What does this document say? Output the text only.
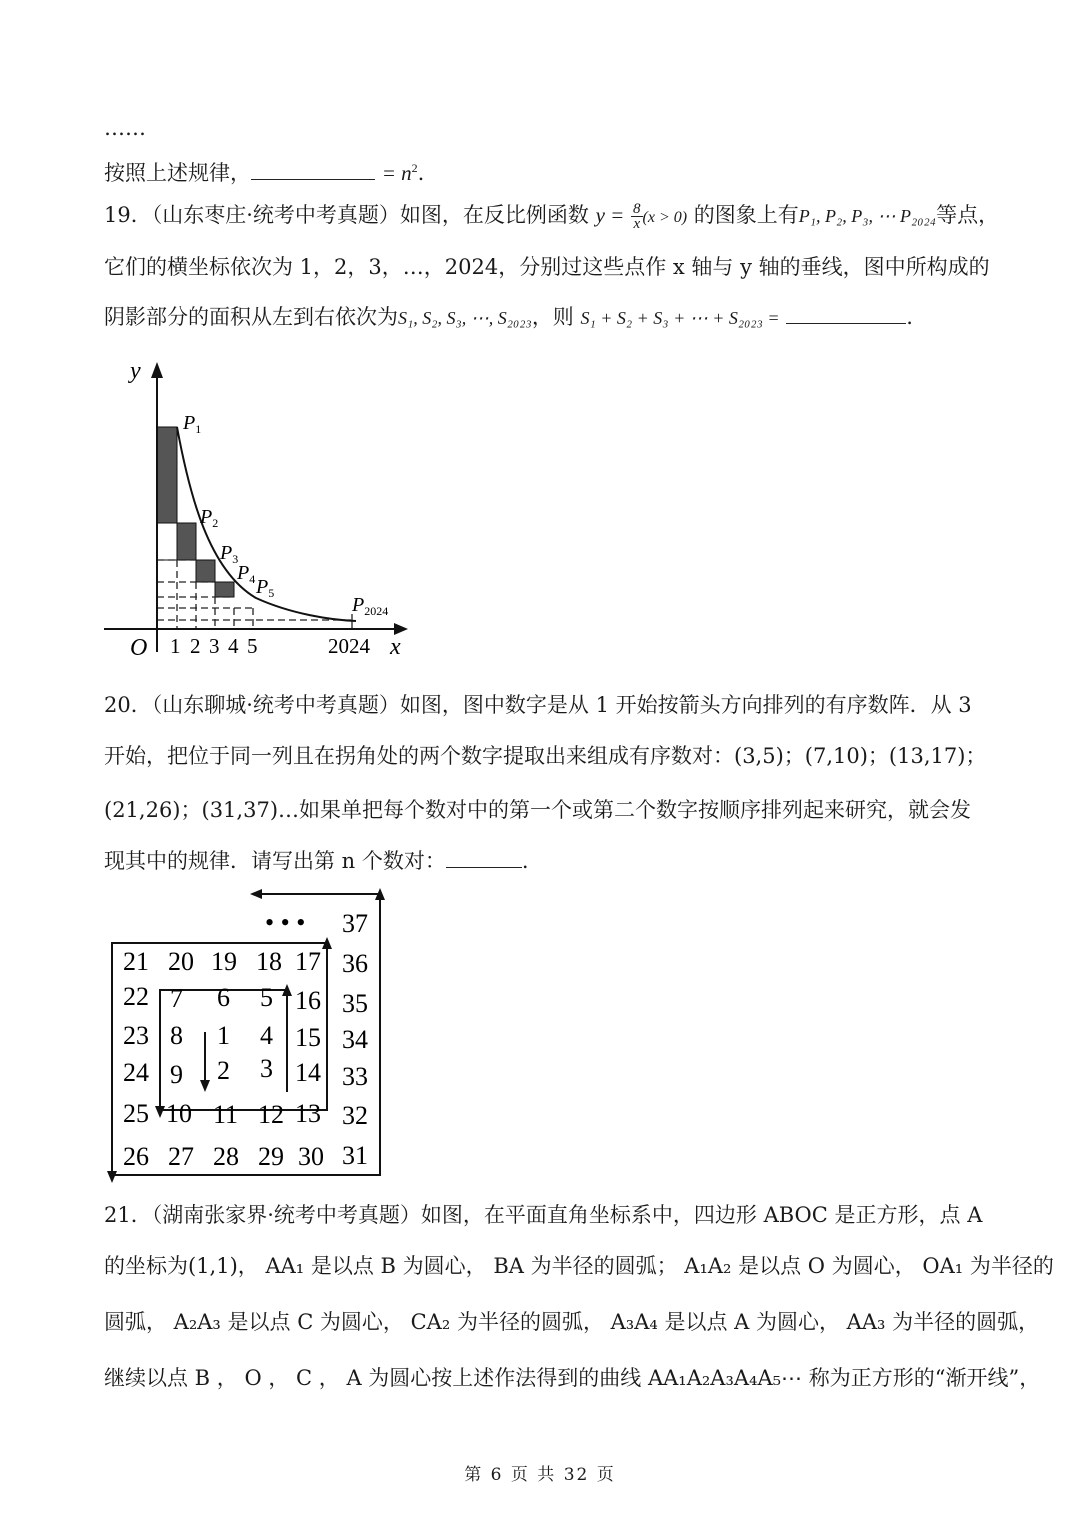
……
按照上述规律，	= $n^2$.
19．（山东枣庄·统考中考真题）如图，在反比例函数 $y = \frac{8}{x} (x > 0)$ 的图象上有P₁, P₂, P₃, ⋯ P₂₀₂₄等点，
它们的横坐标依次为 1，2，3，…，2024，分别过这些点作 x 轴与 y 轴的垂线，图中所构成的
阴影部分的面积从左到右依次为S₁, S₂, S₃, ⋯, S₂₀₂₃，则 S₁ + S₂ + S₃ + ⋯ + S₂₀₂₃ =	.
y
x
O 1 2 3 4 5	2024
$P_1$
$P_2$
$P_3$
$P_4$ $P_5$
$P_{2024}$
20．（山东聊城·统考中考真题）如图，图中数字是从 1 开始按箭头方向排列的有序数阵．从 3
开始，把位于同一列且在拐角处的两个数字提取出来组成有序数对：(3,5)；(7,10)；(13,17)；
(21,26)；(31,37)…如果单把每个数对中的第一个或第二个数字按顺序排列起来研究，就会发
现其中的规律．请写出第 n 个数对：	.
• • • 37
21 20 19 18 17 36
22 7 6 5 16 35
23 8 1 4 15 34
24 9 2 3 14 33
25 10 11 12 13 32
26 27 28 29 30 31
21．（湖南张家界·统考中考真题）如图，在平面直角坐标系中，四边形 ABOC 是正方形，点 A
的坐标为(1,1)， AA₁ 是以点 B 为圆心， BA 为半径的圆弧； A₁A₂ 是以点 O 为圆心， OA₁ 为半径的
圆弧， A₂A₃ 是以点 C 为圆心， CA₂ 为半径的圆弧， A₃A₄ 是以点 A 为圆心， AA₃ 为半径的圆弧，
继续以点 B ， O ， C ， A 为圆心按上述作法得到的曲线 AA₁A₂A₃A₄A₅⋯ 称为正方形的“渐开线”，
第 6 页 共 32 页
